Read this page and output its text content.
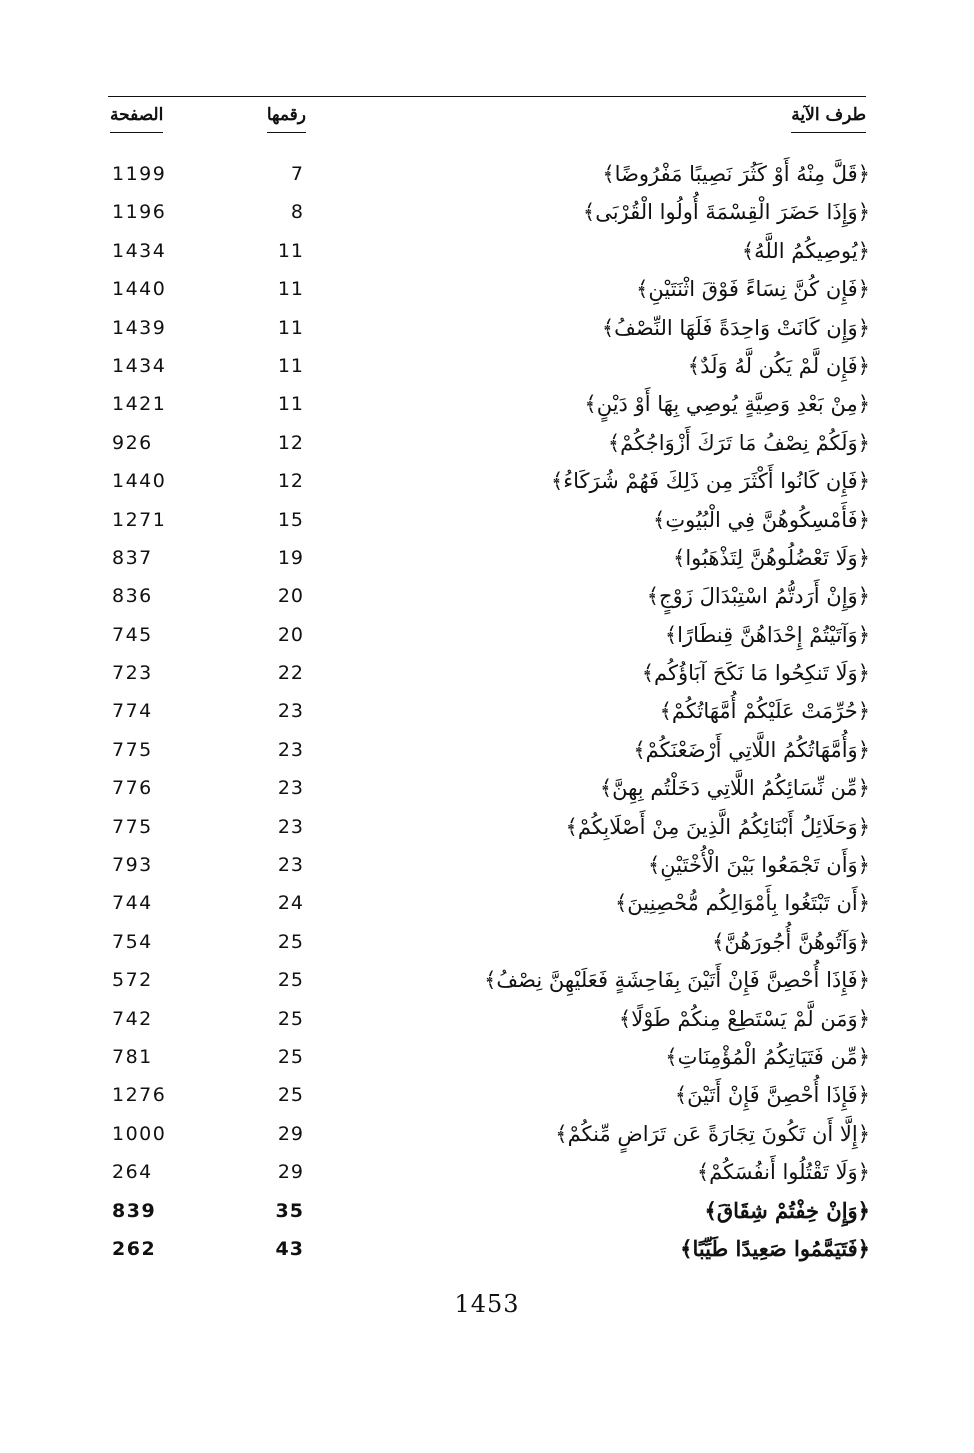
الصفحة	رقمها	طرف الآية
1199	7	﴿قَلَّ مِنْهُ أَوْ كَثُرَ نَصِيبًا مَفْرُوضًا﴾
1196	8	﴿وَإِذَا حَضَرَ الْقِسْمَةَ أُولُوا الْقُرْبَى﴾
1434	11	﴿يُوصِيكُمُ اللَّهُ﴾
1440	11	﴿فَإِن كُنَّ نِسَاءً فَوْقَ اثْنَتَيْنِ﴾
1439	11	﴿وَإِن كَانَتْ وَاحِدَةً فَلَهَا النِّصْفُ﴾
1434	11	﴿فَإِن لَّمْ يَكُن لَّهُ وَلَدٌ﴾
1421	11	﴿مِنْ بَعْدِ وَصِيَّةٍ يُوصِي بِهَا أَوْ دَيْنٍ﴾
926	12	﴿وَلَكُمْ نِصْفُ مَا تَرَكَ أَزْوَاجُكُمْ﴾
1440	12	﴿فَإِن كَانُوا أَكْثَرَ مِن ذَلِكَ فَهُمْ شُرَكَاءُ﴾
1271	15	﴿فَأَمْسِكُوهُنَّ فِي الْبُيُوتِ﴾
837	19	﴿وَلَا تَعْضُلُوهُنَّ لِتَذْهَبُوا﴾
836	20	﴿وَإِنْ أَرَدتُّمُ اسْتِبْدَالَ زَوْجٍ﴾
745	20	﴿وَآتَيْتُمْ إِحْدَاهُنَّ قِنطَارًا﴾
723	22	﴿وَلَا تَنكِحُوا مَا نَكَحَ آبَاؤُكُم﴾
774	23	﴿حُرِّمَتْ عَلَيْكُمْ أُمَّهَاتُكُمْ﴾
775	23	﴿وَأُمَّهَاتُكُمُ اللَّاتِي أَرْضَعْنَكُمْ﴾
776	23	﴿مِّن نِّسَائِكُمُ اللَّاتِي دَخَلْتُم بِهِنَّ﴾
775	23	﴿وَحَلَائِلُ أَبْنَائِكُمُ الَّذِينَ مِنْ أَصْلَابِكُمْ﴾
793	23	﴿وَأَن تَجْمَعُوا بَيْنَ الْأُخْتَيْنِ﴾
744	24	﴿أَن تَبْتَغُوا بِأَمْوَالِكُم مُّحْصِنِينَ﴾
754	25	﴿وَآتُوهُنَّ أُجُورَهُنَّ﴾
572	25	﴿فَإِذَا أُحْصِنَّ فَإِنْ أَتَيْنَ بِفَاحِشَةٍ فَعَلَيْهِنَّ نِصْفُ﴾
742	25	﴿وَمَن لَّمْ يَسْتَطِعْ مِنكُمْ طَوْلًا﴾
781	25	﴿مِّن فَتَيَاتِكُمُ الْمُؤْمِنَاتِ﴾
1276	25	﴿فَإِذَا أُحْصِنَّ فَإِنْ أَتَيْنَ﴾
1000	29	﴿إِلَّا أَن تَكُونَ تِجَارَةً عَن تَرَاضٍ مِّنكُمْ﴾
264	29	﴿وَلَا تَقْتُلُوا أَنفُسَكُمْ﴾
839	35	﴿وَإِنْ خِفْتُمْ شِقَاقَ﴾
262	43	﴿فَتَيَمَّمُوا صَعِيدًا طَيِّبًا﴾
1453
